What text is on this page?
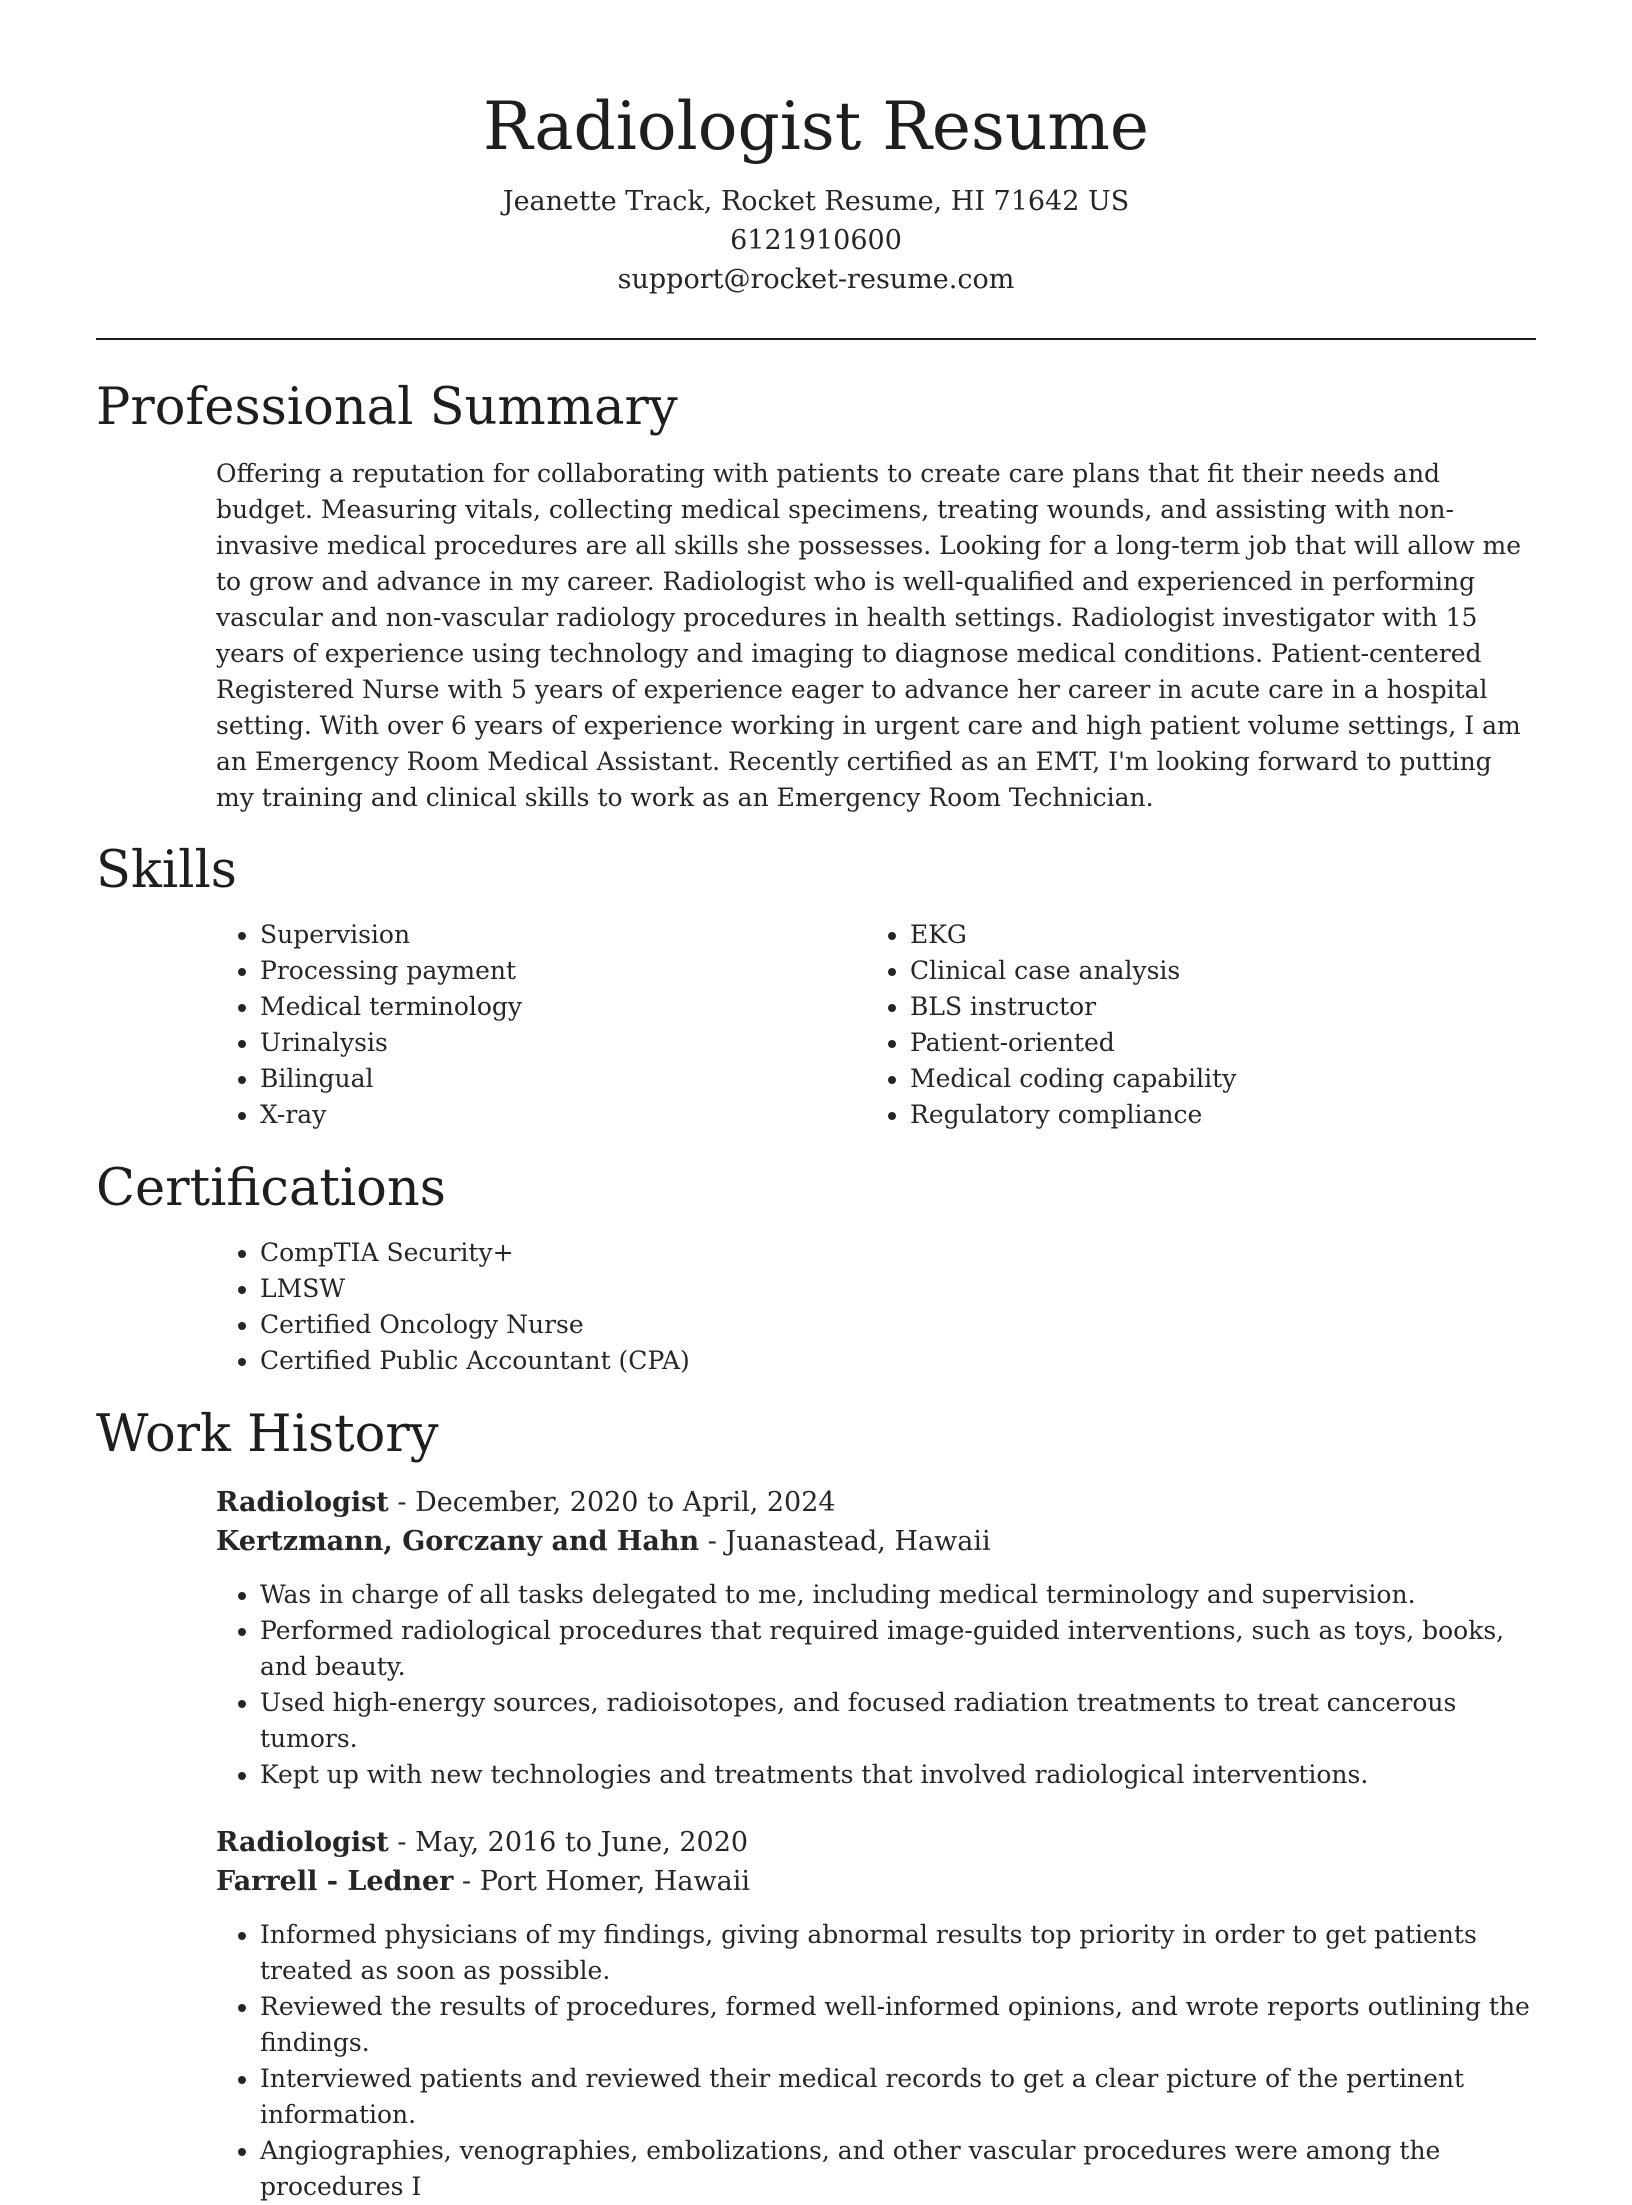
Radiologist Resume
Jeanette Track, Rocket Resume, HI 71642 US
6121910600
support@rocket-resume.com
Professional Summary

Offering a reputation for collaborating with patients to create care plans that fit their needs and budget. Measuring vitals, collecting medical specimens, treating wounds, and assisting with non-invasive medical procedures are all skills she possesses. Looking for a long-term job that will allow me to grow and advance in my career. Radiologist who is well-qualified and experienced in performing vascular and non-vascular radiology procedures in health settings. Radiologist investigator with 15 years of experience using technology and imaging to diagnose medical conditions. Patient-centered Registered Nurse with 5 years of experience eager to advance her career in acute care in a hospital setting. With over 6 years of experience working in urgent care and high patient volume settings, I am an Emergency Room Medical Assistant. Recently certified as an EMT, I'm looking forward to putting my training and clinical skills to work as an Emergency Room Technician.

Skills
• Supervision
• Processing payment
• Medical terminology
• Urinalysis
• Bilingual
• X-ray
• EKG
• Clinical case analysis
• BLS instructor
• Patient-oriented
• Medical coding capability
• Regulatory compliance
Certifications
• CompTIA Security+
• LMSW
• Certified Oncology Nurse
• Certified Public Accountant (CPA)
Work History
Radiologist - December, 2020 to April, 2024
Kertzmann, Gorczany and Hahn - Juanastead, Hawaii
• Was in charge of all tasks delegated to me, including medical terminology and supervision.
• Performed radiological procedures that required image-guided interventions, such as toys, books, and beauty.
• Used high-energy sources, radioisotopes, and focused radiation treatments to treat cancerous tumors.
• Kept up with new technologies and treatments that involved radiological interventions.
Radiologist - May, 2016 to June, 2020
Farrell - Ledner - Port Homer, Hawaii
• Informed physicians of my findings, giving abnormal results top priority in order to get patients treated as soon as possible.
• Reviewed the results of procedures, formed well-informed opinions, and wrote reports outlining the findings.
• Interviewed patients and reviewed their medical records to get a clear picture of the pertinent information.
• Angiographies, venographies, embolizations, and other vascular procedures were among the procedures I
